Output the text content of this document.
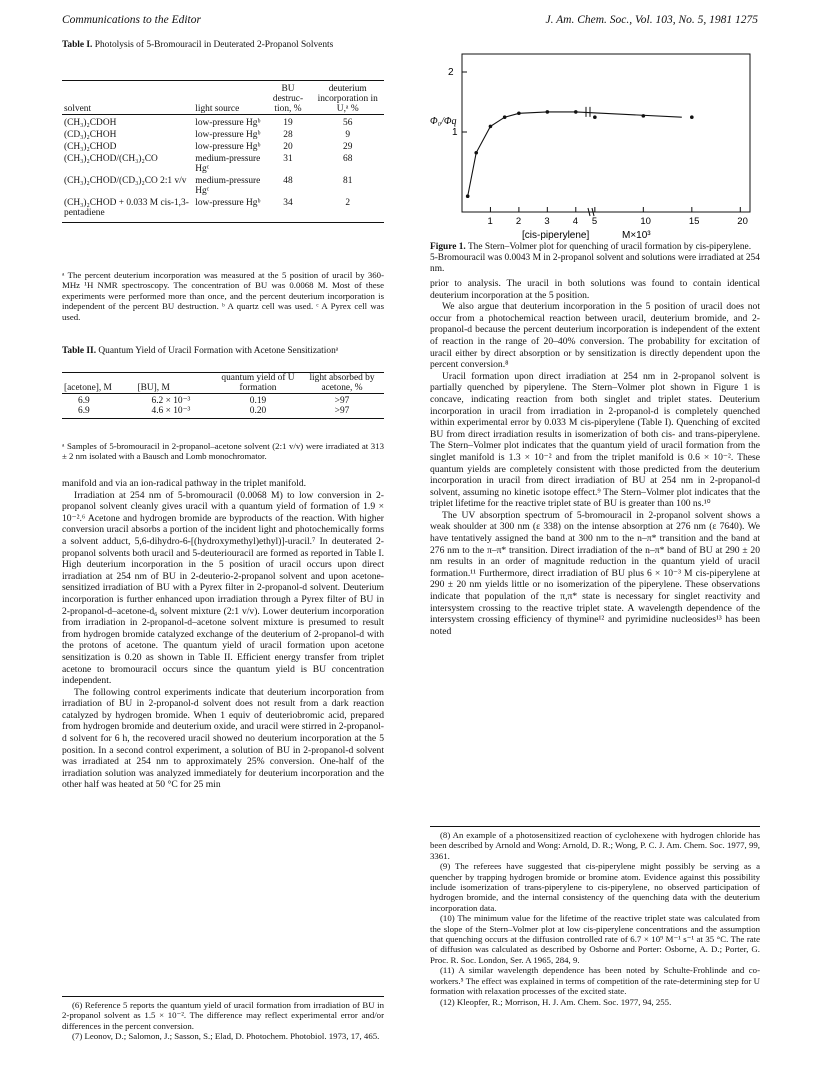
Communications to the Editor	J. Am. Chem. Soc., Vol. 103, No. 5, 1981 1275
Table I. Photolysis of 5-Bromouracil in Deuterated 2-Propanol Solvents
solvent	light source	BU destruc- tion, %	deuterium incorporation in U,ᵃ %
(CH₃)₂CDOH	low-pressure Hgᵇ	19	56
(CD₃)₂CHOH	low-pressure Hgᵇ	28	9
(CH₃)₂CHOD	low-pressure Hgᵇ	20	29
(CH₃)₂CHOD/(CH₃)₂CO	medium-pressure Hgᶜ	31	68
(CH₃)₂CHOD/(CD₃)₂CO 2:1 v/v	medium-pressure Hgᶜ	48	81
(CH₃)₂CHOD + 0.033 M cis-1,3-pentadiene	low-pressure Hgᵇ	34	2
ᵃ The percent deuterium incorporation was measured at the 5 position of uracil by 360-MHz ¹H NMR spectroscopy. The concentration of BU was 0.0068 M. Most of these experiments were performed more than once, and the percent deuterium incorporation is independent of the percent BU destruction. ᵇ A quartz cell was used. ᶜ A Pyrex cell was used.
Table II. Quantum Yield of Uracil Formation with Acetone Sensitizationᵃ
[acetone], M	[BU], M	quantum yield of U formation	light absorbed by acetone, %
6.9	6.2 × 10⁻³	0.19	>97
6.9	4.6 × 10⁻³	0.20	>97
ᵃ Samples of 5-bromouracil in 2-propanol–acetone solvent (2:1 v/v) were irradiated at 313 ± 2 nm isolated with a Bausch and Lomb monochromator.

manifold and via an ion-radical pathway in the triplet manifold.

Irradiation at 254 nm of 5-bromouracil (0.0068 M) to low conversion in 2-propanol solvent cleanly gives uracil with a quantum yield of formation of 1.9 × 10⁻².⁶ Acetone and hydrogen bromide are byproducts of the reaction. With higher conversion uracil absorbs a portion of the incident light and photochemically forms a solvent adduct, 5,6-dihydro-6-[(hydroxymethyl)ethyl)]-uracil.⁷ In deuterated 2-propanol solvents both uracil and 5-deuteriouracil are formed as reported in Table I. High deuterium incorporation in the 5 position of uracil occurs upon direct irradiation at 254 nm of BU in 2-deuterio-2-propanol solvent and upon acetone-sensitized irradiation of BU with a Pyrex filter in 2-propanol-d solvent. Deuterium incorporation is further enhanced upon irradiation through a Pyrex filter of BU in 2-propanol-d–acetone-d₆ solvent mixture (2:1 v/v). Lower deuterium incorporation from irradiation in 2-propanol-d–acetone solvent mixture is presumed to result from hydrogen bromide catalyzed exchange of the deuterium of 2-propanol-d with the protons of acetone. The quantum yield of uracil formation upon acetone sensitization is 0.20 as shown in Table II. Efficient energy transfer from triplet acetone to bromouracil occurs since the quantum yield is BU concentration independent.

The following control experiments indicate that deuterium incorporation from irradiation of BU in 2-propanol-d solvent does not result from a dark reaction catalyzed by hydrogen bromide. When 1 equiv of deuteriobromic acid, prepared from hydrogen bromide and deuterium oxide, and uracil were stirred in 2-propanol-d solvent for 6 h, the recovered uracil showed no deuterium incorporation at the 5 position. In a second control experiment, a solution of BU in 2-propanol-d solvent was irradiated at 254 nm to approximately 25% conversion. One-half of the irradiation solution was analyzed immediately for deuterium incorporation and the other half was heated at 50 °C for 25 min

(6) Reference 5 reports the quantum yield of uracil formation from irradiation of BU in 2-propanol solvent as 1.5 × 10⁻². The difference may reflect experimental error and/or differences in the percent conversion.

(7) Leonov, D.; Salomon, J.; Sasson, S.; Elad, D. Photochem. Photobiol. 1973, 17, 465.

2
1
Φ₀/Φq
1 2 3 4 5	10	15	20
[cis-piperylene]	M×10³
Figure 1. The Stern–Volmer plot for quenching of uracil formation by cis-piperylene. 5-Bromouracil was 0.0043 M in 2-propanol solvent and solutions were irradiated at 254 nm.

prior to analysis. The uracil in both solutions was found to contain identical deuterium incorporation at the 5 position.

We also argue that deuterium incorporation in the 5 position of uracil does not occur from a photochemical reaction between uracil, deuterium bromide, and 2-propanol-d because the percent deuterium incorporation is independent of the extent of reaction in the range of 20–40% conversion. The probability for excitation of uracil either by direct absorption or by sensitization is directly dependent upon the percent conversion.⁸

Uracil formation upon direct irradiation at 254 nm in 2-propanol solvent is partially quenched by piperylene. The Stern–Volmer plot shown in Figure 1 is concave, indicating reaction from both singlet and triplet states. Deuterium incorporation in uracil from irradiation in 2-propanol-d is completely quenched within experimental error by 0.033 M cis-piperylene (Table I). Quenching of excited BU from direct irradiation results in isomerization of both cis- and trans-piperylene. The Stern–Volmer plot indicates that the quantum yield of uracil formation from the singlet manifold is 1.3 × 10⁻² and from the triplet manifold is 0.6 × 10⁻². These quantum yields are completely consistent with those predicted from the deuterium incorporation in uracil from direct irradiation of BU at 254 nm in 2-propanol-d solvent, assuming no kinetic isotope effect.⁹ The Stern–Volmer plot indicates that the triplet lifetime for the reactive triplet state of BU is greater than 100 ns.¹⁰

The UV absorption spectrum of 5-bromouracil in 2-propanol solvent shows a weak shoulder at 300 nm (ε 338) on the intense absorption at 276 nm (ε 7640). We have tentatively assigned the band at 300 nm to the n–π* transition and the band at 276 nm to the π–π* transition. Direct irradiation of the n–π* band of BU at 290 ± 20 nm results in an order of magnitude reduction in the quantum yield of uracil formation.¹¹ Furthermore, direct irradiation of BU plus 6 × 10⁻³ M cis-piperylene at 290 ± 20 nm yields little or no isomerization of the piperylene. These observations indicate that population of the π,π* state is necessary for singlet reactivity and intersystem crossing to the reactive triplet state. A wavelength dependence of the intersystem crossing efficiency of thymine¹² and pyrimidine nucleosides¹³ has been noted

(8) An example of a photosensitized reaction of cyclohexene with hydrogen chloride has been described by Arnold and Wong: Arnold, D. R.; Wong, P. C. J. Am. Chem. Soc. 1977, 99, 3361.

(9) The referees have suggested that cis-piperylene might possibly be serving as a quencher by trapping hydrogen bromide or bromine atom. Evidence against this possibility include isomerization of trans-piperylene to cis-piperylene, no observed participation of hydrogen bromide, and the internal consistency of the quenching data with the deuterium incorporation data.

(10) The minimum value for the lifetime of the reactive triplet state was calculated from the slope of the Stern–Volmer plot at low cis-piperylene concentrations and the assumption that quenching occurs at the diffusion controlled rate of 6.7 × 10⁹ M⁻¹ s⁻¹ at 35 °C. The rate of diffusion was calculated as described by Osborne and Porter: Osborne, A. D.; Porter, G. Proc. R. Soc. London, Ser. A 1965, 284, 9.

(11) A similar wavelength dependence has been noted by Schulte-Frohlinde and co-workers.⁵ The effect was explained in terms of competition of the rate-determining step for U formation with relaxation processes of the excited state.

(12) Kleopfer, R.; Morrison, H. J. Am. Chem. Soc. 1977, 94, 255.
